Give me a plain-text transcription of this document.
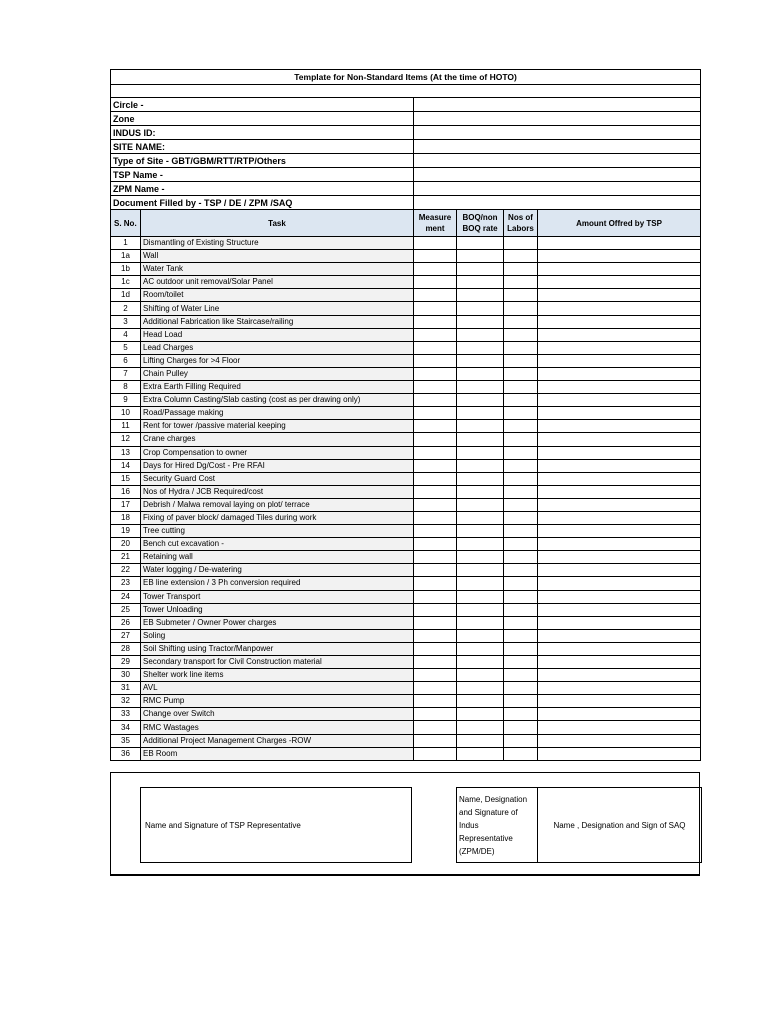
Template for Non-Standard Items (At the time of HOTO)					

Circle -					
Zone					
INDUS ID:					
SITE NAME:					
Type of Site - GBT/GBM/RTT/RTP/Others					
TSP Name -					
ZPM Name -					
Document Filled by - TSP / DE / ZPM /SAQ					
S. No.	Task	Measure ment	BOQ/non BOQ rate	Nos of Labors	Amount Offred by TSP
1	Dismantling of Existing Structure				
1a	Wall				
1b	Water Tank				
1c	AC outdoor unit removal/Solar Panel				
1d	Room/toilet				
2	Shifting of Water Line				
3	Additional Fabrication like Staircase/railing				
4	Head Load				
5	Lead Charges				
6	Lifting Charges for >4 Floor				
7	Chain Pulley				
8	Extra Earth Filling Required				
9	Extra Column Casting/Slab casting (cost as per drawing only)				
10	Road/Passage making				
11	Rent for tower /passive material keeping				
12	Crane charges				
13	Crop Compensation to owner				
14	Days for Hired Dg/Cost - Pre RFAI				
15	Security Guard Cost				
16	Nos of Hydra / JCB Required/cost				
17	Debrish / Malwa removal laying on plot/ terrace				
18	Fixing of paver block/ damaged Tiles during work				
19	Tree cutting				
20	Bench cut excavation -				
21	Retaining wall				
22	Water logging / De-watering				
23	EB line extension / 3 Ph conversion required				
24	Tower Transport				
25	Tower Unloading				
26	EB Submeter / Owner Power charges				
27	Soling				
28	Soil Shifting using Tractor/Manpower				
29	Secondary transport for Civil Construction material				
30	Shelter work line items				
31	AVL				
32	RMC Pump				
33	Change over Switch				
34	RMC Wastages				
35	Additional Project Management Charges -ROW				
36	EB Room				
Name and Signature of TSP Representative
Name, Designation
and Signature of
Indus
Representative
(ZPM/DE)
Name , Designation and Sign of SAQ
